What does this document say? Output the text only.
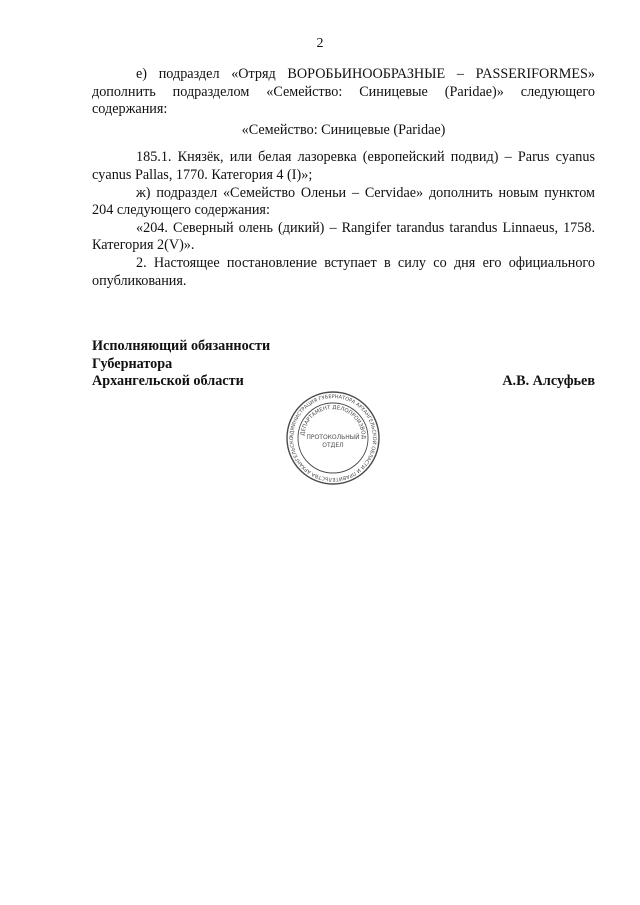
2

е) подраздел «Отряд ВОРОБЬИНООБРАЗНЫЕ – PASSERIFORMES» дополнить подразделом «Семейство: Синицевые (Paridae)» следующего содержания:

«Семейство: Синицевые (Paridae)

185.1. Князёк, или белая лазоревка (европейский подвид) – Parus cyanus cyanus Pallas, 1770. Категория 4 (I)»;

ж) подраздел «Семейство Оленьи – Cervidae» дополнить новым пунктом 204 следующего содержания:

«204. Северный олень (дикий) – Rangifer tarandus tarandus Linnaeus, 1758. Категория 2(V)».

2. Настоящее постановление вступает в силу со дня его официального опубликования.

Исполняющий обязанности
Губернатора
Архангельской области	А.В. Алсуфьев
АДМИНИСТРАЦИЯ ГУБЕРНАТОРА АРХАНГЕЛЬСКОЙ ОБЛАСТИ И ПРАВИТЕЛЬСТВА АРХАНГЕЛЬСКО
ДЕПАРТАМЕНТ ДЕЛОПРОИЗВОД
ПРОТОКОЛЬНЫЙ
ОТДЕЛ
